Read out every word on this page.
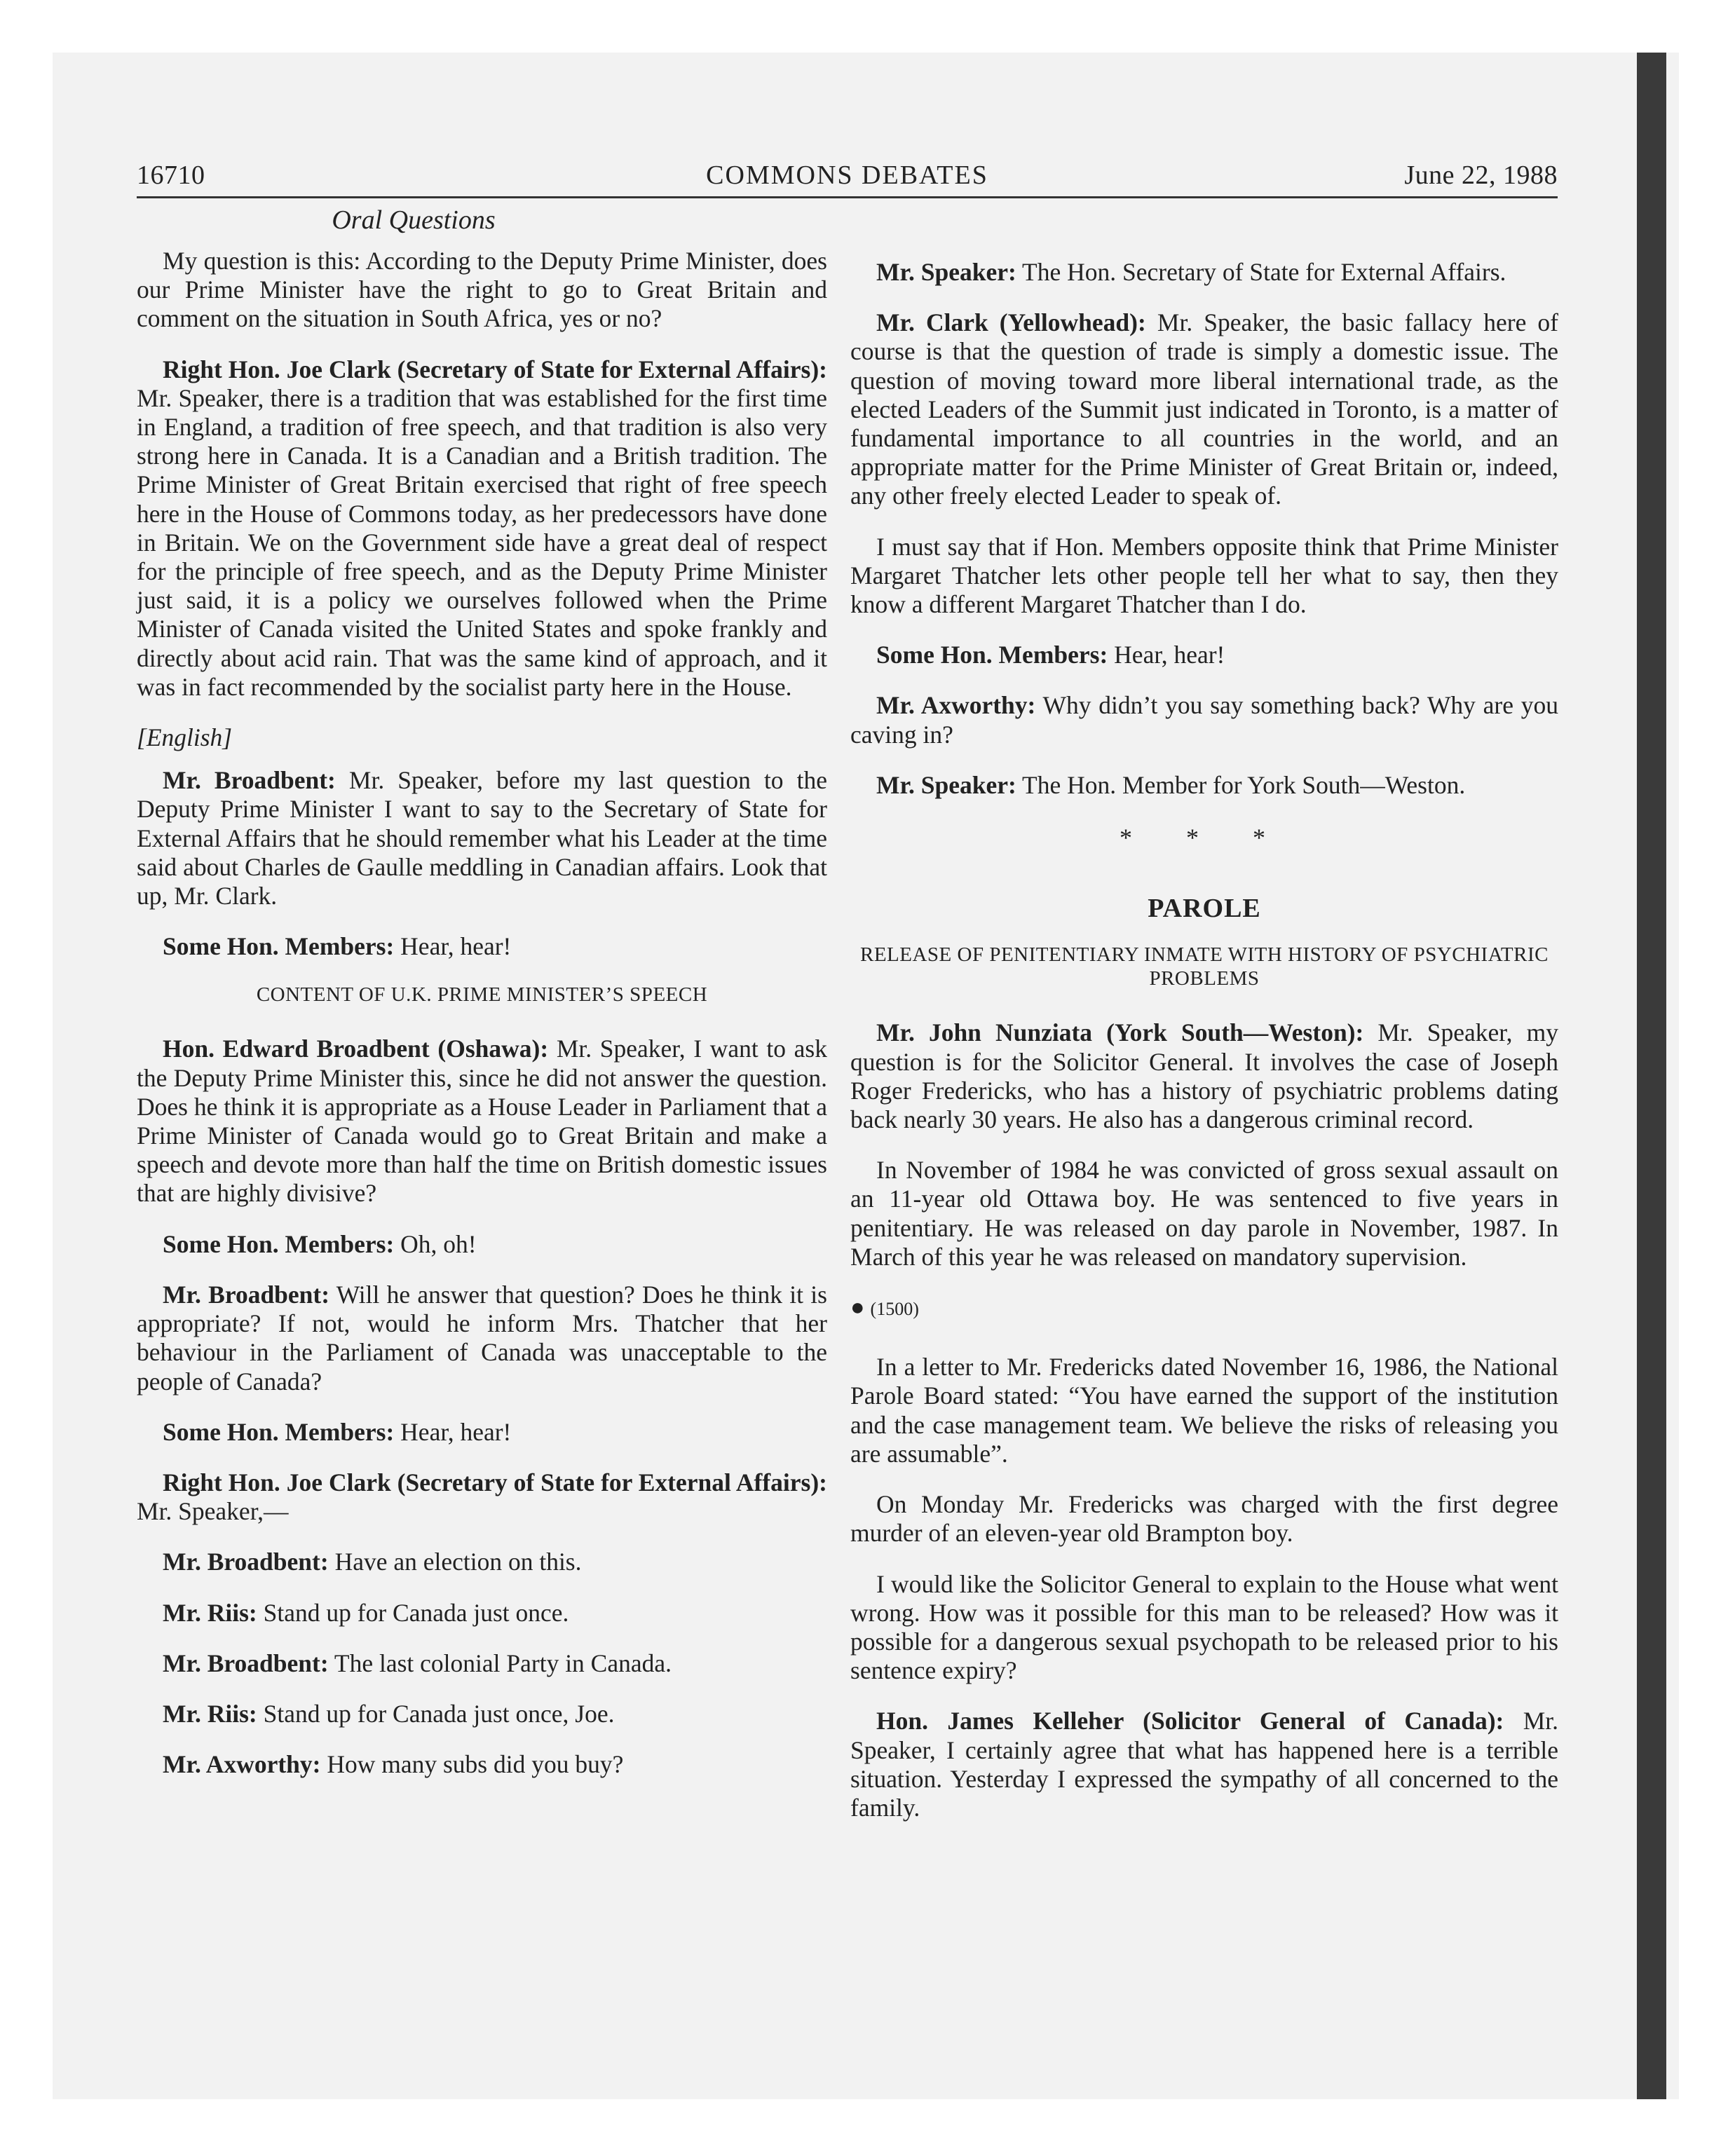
16710	COMMONS DEBATES	June 22, 1988
Oral Questions

My question is this: According to the Deputy Prime Minister, does our Prime Minister have the right to go to Great Britain and comment on the situation in South Africa, yes or no?

Right Hon. Joe Clark (Secretary of State for External Affairs): Mr. Speaker, there is a tradition that was established for the first time in England, a tradition of free speech, and that tradition is also very strong here in Canada. It is a Canadian and a British tradition. The Prime Minister of Great Britain exercised that right of free speech here in the House of Commons today, as her predecessors have done in Britain. We on the Government side have a great deal of respect for the principle of free speech, and as the Deputy Prime Minister just said, it is a policy we ourselves followed when the Prime Minister of Canada visited the United States and spoke frankly and directly about acid rain. That was the same kind of approach, and it was in fact recommended by the socialist party here in the House.

[English]

Mr. Broadbent: Mr. Speaker, before my last question to the Deputy Prime Minister I want to say to the Secretary of State for External Affairs that he should remember what his Leader at the time said about Charles de Gaulle meddling in Canadian affairs. Look that up, Mr. Clark.

Some Hon. Members: Hear, hear!

CONTENT OF U.K. PRIME MINISTER’S SPEECH

Hon. Edward Broadbent (Oshawa): Mr. Speaker, I want to ask the Deputy Prime Minister this, since he did not answer the question. Does he think it is appropriate as a House Leader in Parliament that a Prime Minister of Canada would go to Great Britain and make a speech and devote more than half the time on British domestic issues that are highly divisive?

Some Hon. Members: Oh, oh!

Mr. Broadbent: Will he answer that question? Does he think it is appropriate? If not, would he inform Mrs. Thatcher that her behaviour in the Parliament of Canada was unacceptable to the people of Canada?

Some Hon. Members: Hear, hear!

Right Hon. Joe Clark (Secretary of State for External Affairs): Mr. Speaker,—

Mr. Broadbent: Have an election on this.

Mr. Riis: Stand up for Canada just once.

Mr. Broadbent: The last colonial Party in Canada.

Mr. Riis: Stand up for Canada just once, Joe.

Mr. Axworthy: How many subs did you buy?

Mr. Speaker: The Hon. Secretary of State for External Affairs.

Mr. Clark (Yellowhead): Mr. Speaker, the basic fallacy here of course is that the question of trade is simply a domestic issue. The question of moving toward more liberal international trade, as the elected Leaders of the Summit just indicated in Toronto, is a matter of fundamental importance to all countries in the world, and an appropriate matter for the Prime Minister of Great Britain or, indeed, any other freely elected Leader to speak of.

I must say that if Hon. Members opposite think that Prime Minister Margaret Thatcher lets other people tell her what to say, then they know a different Margaret Thatcher than I do.

Some Hon. Members: Hear, hear!

Mr. Axworthy: Why didn’t you say something back? Why are you caving in?

Mr. Speaker: The Hon. Member for York South—Weston.

* * *
PAROLE
RELEASE OF PENITENTIARY INMATE WITH HISTORY OF PSYCHIATRIC PROBLEMS

Mr. John Nunziata (York South—Weston): Mr. Speaker, my question is for the Solicitor General. It involves the case of Joseph Roger Fredericks, who has a history of psychiatric problems dating back nearly 30 years. He also has a dangerous criminal record.

In November of 1984 he was convicted of gross sexual assault on an 11-year old Ottawa boy. He was sentenced to five years in penitentiary. He was released on day parole in November, 1987. In March of this year he was released on mandatory supervision.

● (1500)

In a letter to Mr. Fredericks dated November 16, 1986, the National Parole Board stated: “You have earned the support of the institution and the case management team. We believe the risks of releasing you are assumable”.

On Monday Mr. Fredericks was charged with the first degree murder of an eleven-year old Brampton boy.

I would like the Solicitor General to explain to the House what went wrong. How was it possible for this man to be released? How was it possible for a dangerous sexual psychopath to be released prior to his sentence expiry?

Hon. James Kelleher (Solicitor General of Canada): Mr. Speaker, I certainly agree that what has happened here is a terrible situation. Yesterday I expressed the sympathy of all concerned to the family.
